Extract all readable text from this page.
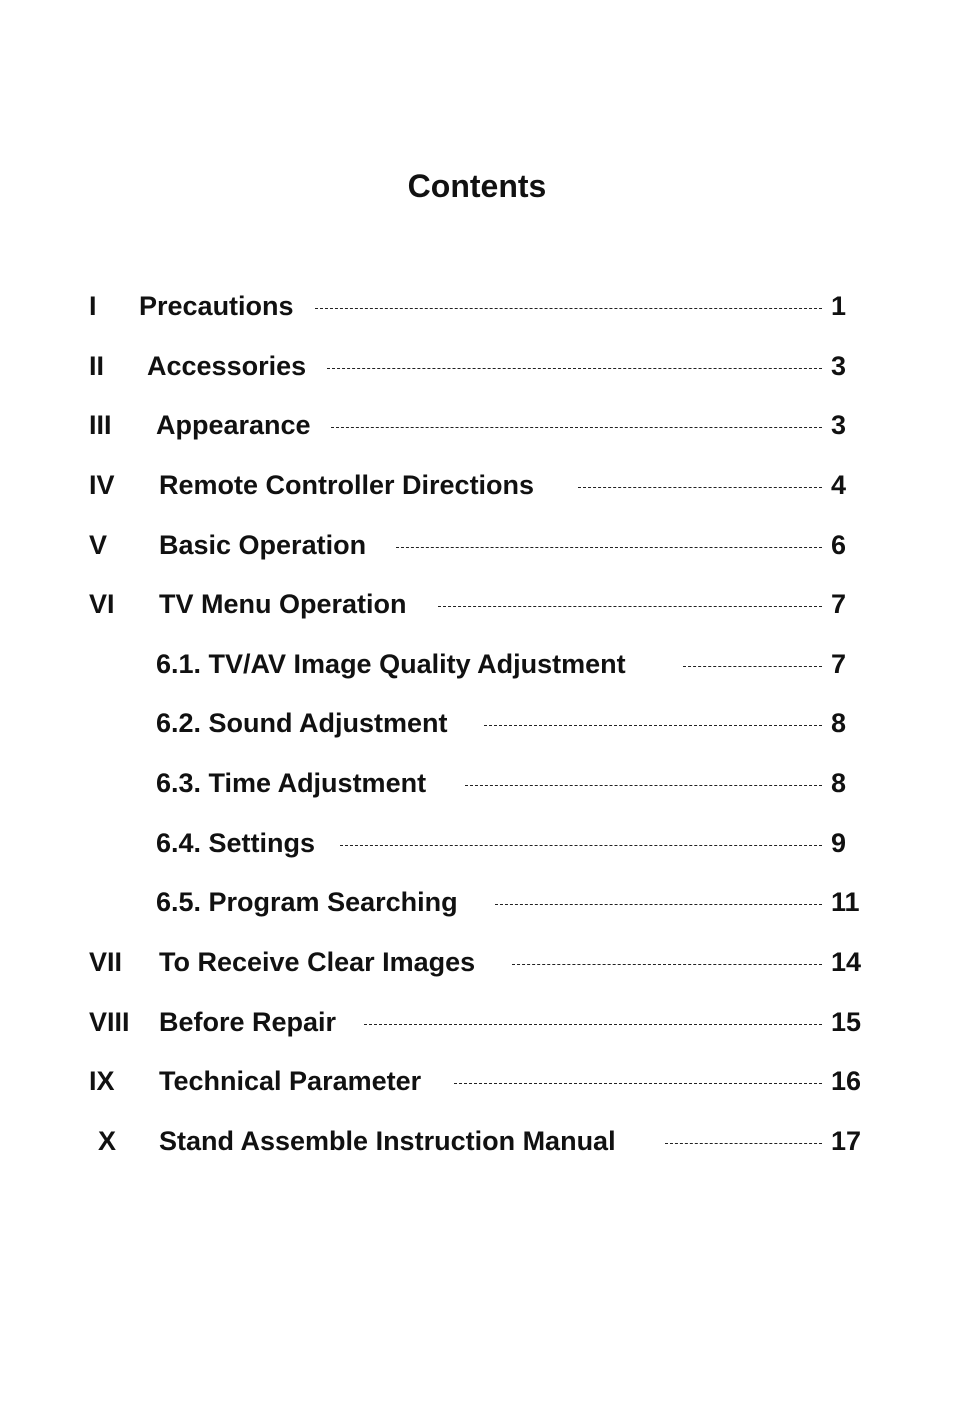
Contents
I Precautions	1
II Accessories	3
III Appearance	3
IV Remote Controller Directions	4
V Basic Operation	6
VI TV Menu Operation	7
6.1. TV/AV Image Quality Adjustment	7
6.2. Sound Adjustment	8
6.3. Time Adjustment	8
6.4. Settings	9
6.5. Program Searching	11
VII To Receive Clear Images	14
VIII Before Repair	15
IX Technical Parameter	16
X Stand Assemble Instruction Manual	17
